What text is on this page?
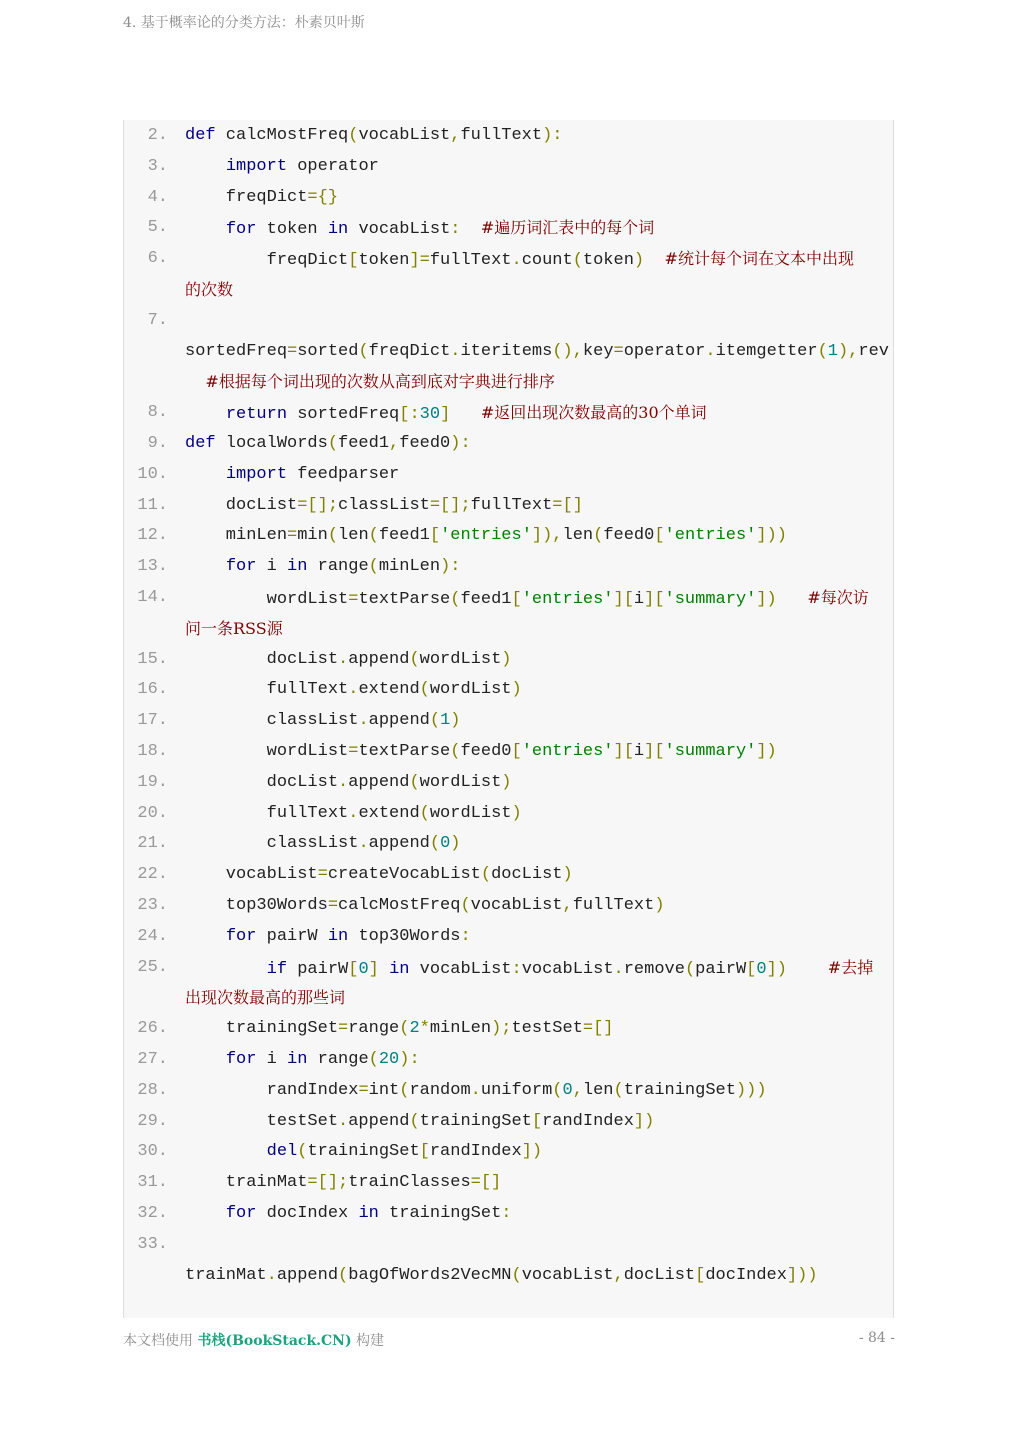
4. 基于概率论的分类方法：朴素贝叶斯
2. def calcMostFreq(vocabList,fullText):
3.	import operator
4. freqDict={}
5.	for token in vocabList: #遍历词汇表中的每个词
6. freqDict[token]=fullText.count(token) #统计每个词在文本中出现
的次数
7.
sortedFreq=sorted(freqDict.iteritems(),key=operator.itemgetter(1),rev
#根据每个词出现的次数从高到底对字典进行排序
8.	return sortedFreq[:30] #返回出现次数最高的30个单词
9. def localWords(feed1,feed0):
10.	import feedparser
11. docList=[];classList=[];fullText=[]
12. minLen=min(len(feed1['entries']),len(feed0['entries']))
13.	for i in range(minLen):
14. wordList=textParse(feed1['entries'][i]['summary']) #每次访
问一条RSS源
15. docList.append(wordList)
16. fullText.extend(wordList)
17. classList.append(1)
18. wordList=textParse(feed0['entries'][i]['summary'])
19. docList.append(wordList)
20. fullText.extend(wordList)
21. classList.append(0)
22. vocabList=createVocabList(docList)
23. top30Words=calcMostFreq(vocabList,fullText)
24.	for pairW in top30Words:
25.	if pairW[0] in vocabList:vocabList.remove(pairW[0])	#去掉
出现次数最高的那些词
26. trainingSet=range(2*minLen);testSet=[]
27.	for i in range(20):
28. randIndex=int(random.uniform(0,len(trainingSet)))
29. testSet.append(trainingSet[randIndex])
30.	del(trainingSet[randIndex])
31. trainMat=[];trainClasses=[]
32.	for docIndex in trainingSet:
33.
trainMat.append(bagOfWords2VecMN(vocabList,docList[docIndex]))
本文档使用 书栈(BookStack.CN) 构建	- 84 -
